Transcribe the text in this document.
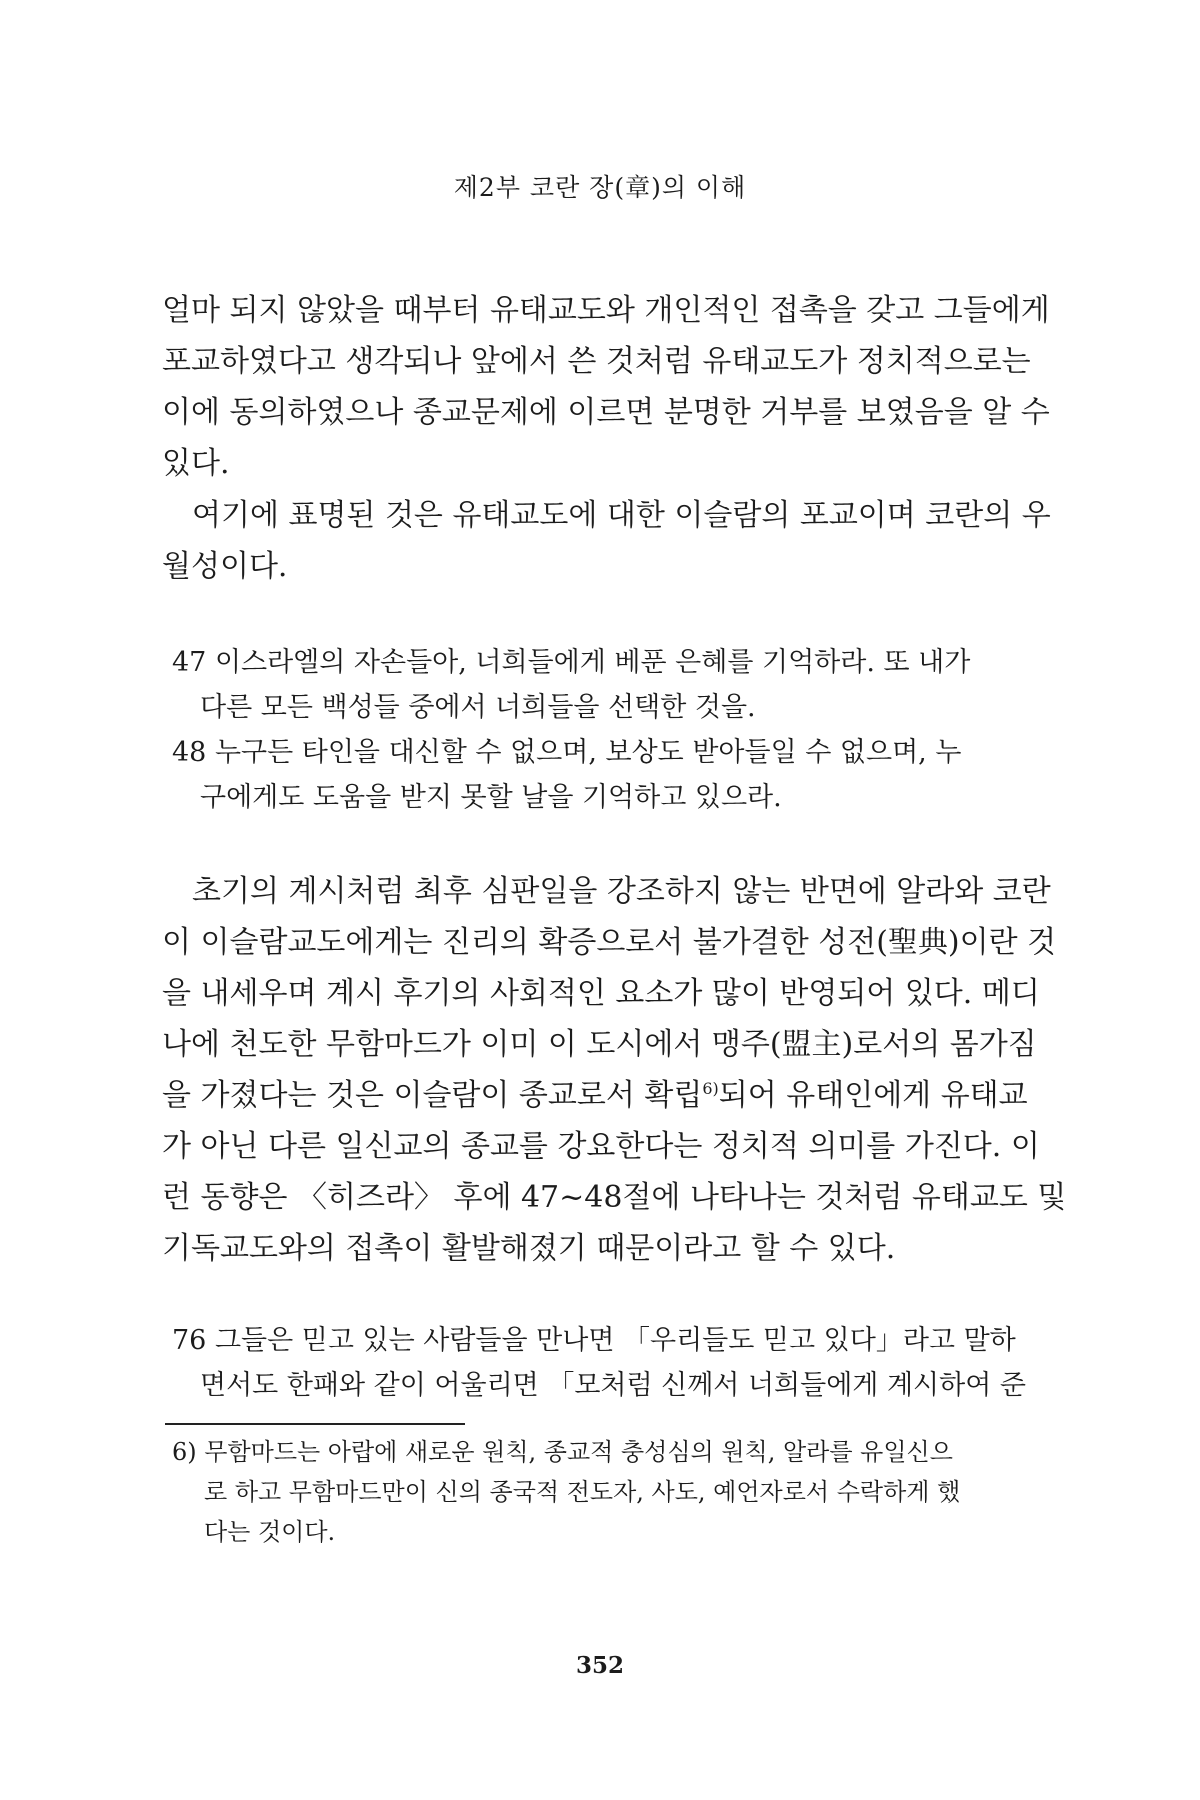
제2부 코란 장(章)의 이해

얼마 되지 않았을 때부터 유태교도와 개인적인 접촉을 갖고 그들에게
포교하였다고 생각되나 앞에서 쓴 것처럼 유태교도가 정치적으로는
이에 동의하였으나 종교문제에 이르면 분명한 거부를 보였음을 알 수
있다.

여기에 표명된 것은 유태교도에 대한 이슬람의 포교이며 코란의 우
월성이다.

47 이스라엘의 자손들아, 너희들에게 베푼 은혜를 기억하라. 또 내가
다른 모든 백성들 중에서 너희들을 선택한 것을.
48 누구든 타인을 대신할 수 없으며, 보상도 받아들일 수 없으며, 누
구에게도 도움을 받지 못할 날을 기억하고 있으라.

초기의 계시처럼 최후 심판일을 강조하지 않는 반면에 알라와 코란
이 이슬람교도에게는 진리의 확증으로서 불가결한 성전(聖典)이란 것
을 내세우며 계시 후기의 사회적인 요소가 많이 반영되어 있다. 메디
나에 천도한 무함마드가 이미 이 도시에서 맹주(盟主)로서의 몸가짐
을 가졌다는 것은 이슬람이 종교로서 확립$^{6)}$되어 유태인에게 유태교
가 아닌 다른 일신교의 종교를 강요한다는 정치적 의미를 가진다. 이
런 동향은 〈히즈라〉 후에 47~48절에 나타나는 것처럼 유태교도 및
기독교도와의 접촉이 활발해졌기 때문이라고 할 수 있다.

76 그들은 믿고 있는 사람들을 만나면 「우리들도 믿고 있다」라고 말하
면서도 한패와 같이 어울리면 「모처럼 신께서 너희들에게 계시하여 준

6) 무함마드는 아랍에 새로운 원칙, 종교적 충성심의 원칙, 알라를 유일신으
로 하고 무함마드만이 신의 종국적 전도자, 사도, 예언자로서 수락하게 했
다는 것이다.

352
